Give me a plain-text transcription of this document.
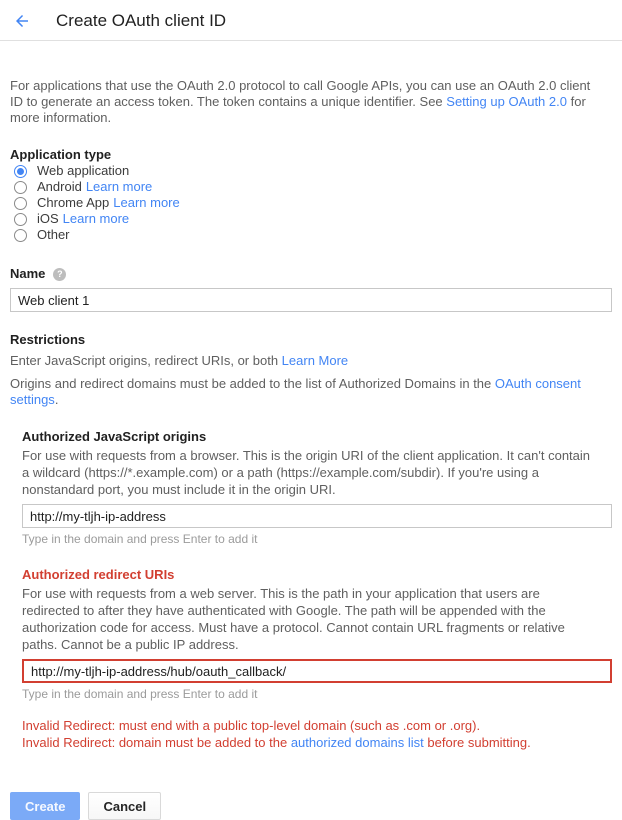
Create OAuth client ID

For applications that use the OAuth 2.0 protocol to call Google APIs, you can use an OAuth 2.0 client ID to generate an access token. The token contains a unique identifier. See Setting up OAuth 2.0 for more information.

Application type
Web application
Android Learn more
Chrome App Learn more
iOS Learn more
Other
Name	?
Web client 1
Restrictions

Enter JavaScript origins, redirect URIs, or both Learn More

Origins and redirect domains must be added to the list of Authorized Domains in the OAuth consent settings.

Authorized JavaScript origins

For use with requests from a browser. This is the origin URI of the client application. It can't contain a wildcard (https://*.example.com) or a path (https://example.com/subdir). If you're using a nonstandard port, you must include it in the origin URI.

http://my-tljh-ip-address
Type in the domain and press Enter to add it
Authorized redirect URIs

For use with requests from a web server. This is the path in your application that users are redirected to after they have authenticated with Google. The path will be appended with the authorization code for access. Must have a protocol. Cannot contain URL fragments or relative paths. Cannot be a public IP address.

http://my-tljh-ip-address/hub/oauth_callback/
Type in the domain and press Enter to add it
Invalid Redirect: must end with a public top-level domain (such as .com or .org).
Invalid Redirect: domain must be added to the authorized domains list before submitting.
Create	Cancel
